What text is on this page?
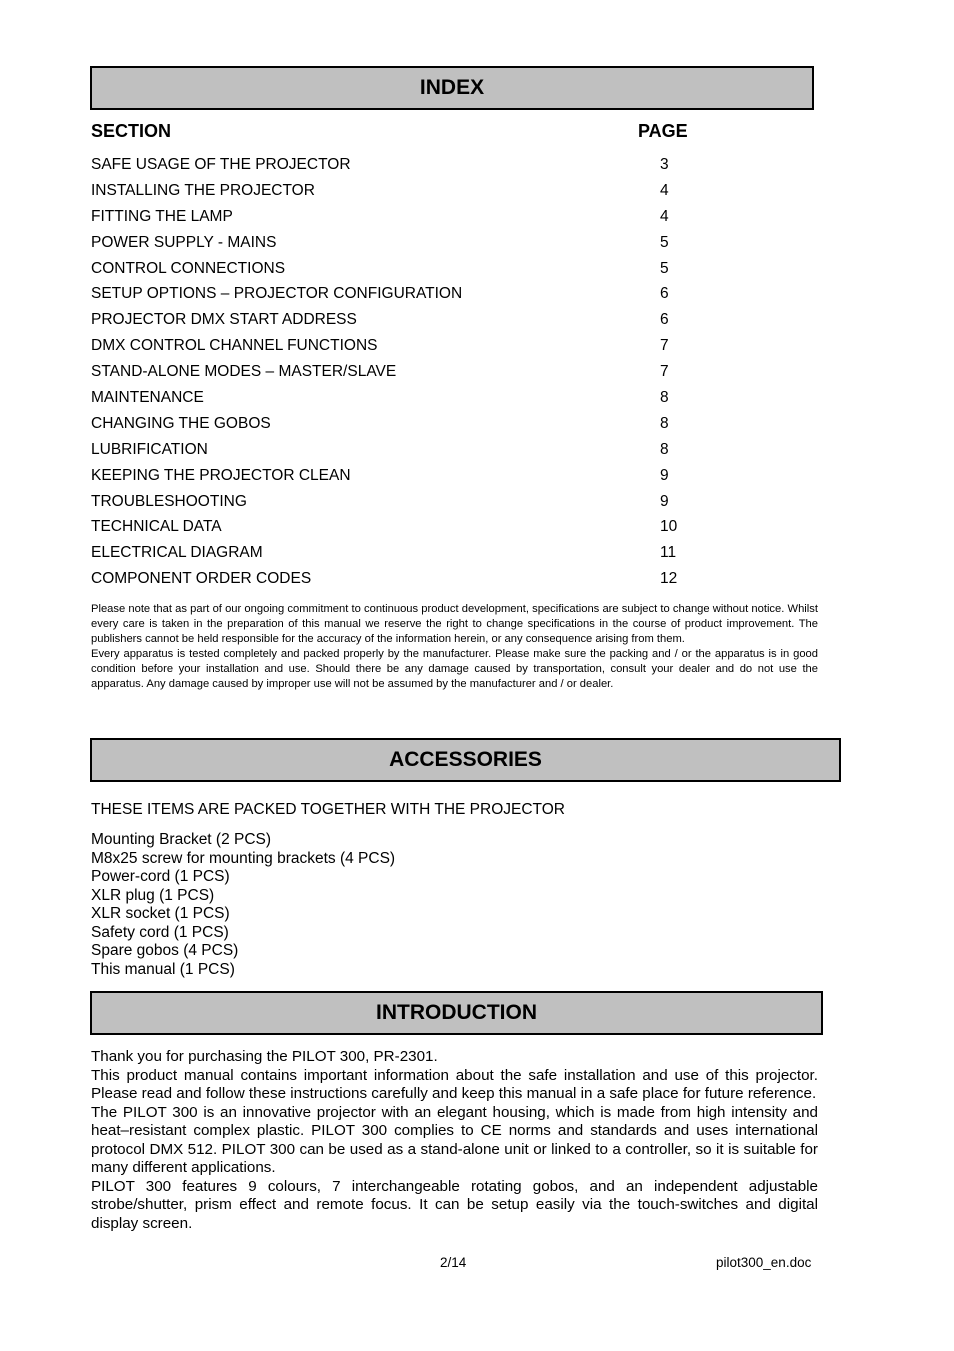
INDEX
SECTION	PAGE
SAFE USAGE OF THE PROJECTOR	3
INSTALLING THE PROJECTOR	4
FITTING THE LAMP	4
POWER SUPPLY - MAINS	5
CONTROL CONNECTIONS	5
SETUP OPTIONS – PROJECTOR CONFIGURATION	6
PROJECTOR DMX START ADDRESS	6
DMX CONTROL CHANNEL FUNCTIONS	7
STAND-ALONE MODES – MASTER/SLAVE	7
MAINTENANCE	8
CHANGING THE GOBOS	8
LUBRIFICATION	8
KEEPING THE PROJECTOR CLEAN	9
TROUBLESHOOTING	9
TECHNICAL DATA	10
ELECTRICAL DIAGRAM	11
COMPONENT ORDER CODES	12

Please note that as part of our ongoing commitment to continuous product development, specifications are subject to change without notice. Whilst every care is taken in the preparation of this manual we reserve the right to change specifications in the course of product improvement. The publishers cannot be held responsible for the accuracy of the information herein, or any consequence arising from them.

Every apparatus is tested completely and packed properly by the manufacturer. Please make sure the packing and / or the apparatus is in good condition before your installation and use. Should there be any damage caused by transportation, consult your dealer and do not use the apparatus. Any damage caused by improper use will not be assumed by the manufacturer and / or dealer.

ACCESSORIES
THESE ITEMS ARE PACKED TOGETHER WITH THE PROJECTOR
Mounting Bracket (2 PCS)
M8x25 screw for mounting brackets (4 PCS)
Power-cord (1 PCS)
XLR plug (1 PCS)
XLR socket (1 PCS)
Safety cord (1 PCS)
Spare gobos (4 PCS)
This manual (1 PCS)
INTRODUCTION

Thank you for purchasing the PILOT 300, PR-2301.

This product manual contains important information about the safe installation and use of this projector. Please read and follow these instructions carefully and keep this manual in a safe place for future reference.

The PILOT 300 is an innovative projector with an elegant housing, which is made from high intensity and heat–resistant complex plastic. PILOT 300 complies to CE norms and standards and uses international protocol DMX 512. PILOT 300 can be used as a stand-alone unit or linked to a controller, so it is suitable for many different applications.

PILOT 300 features 9 colours, 7 interchangeable rotating gobos, and an independent adjustable strobe/shutter, prism effect and remote focus. It can be setup easily via the touch-switches and digital display screen.

2/14	pilot300_en.doc
